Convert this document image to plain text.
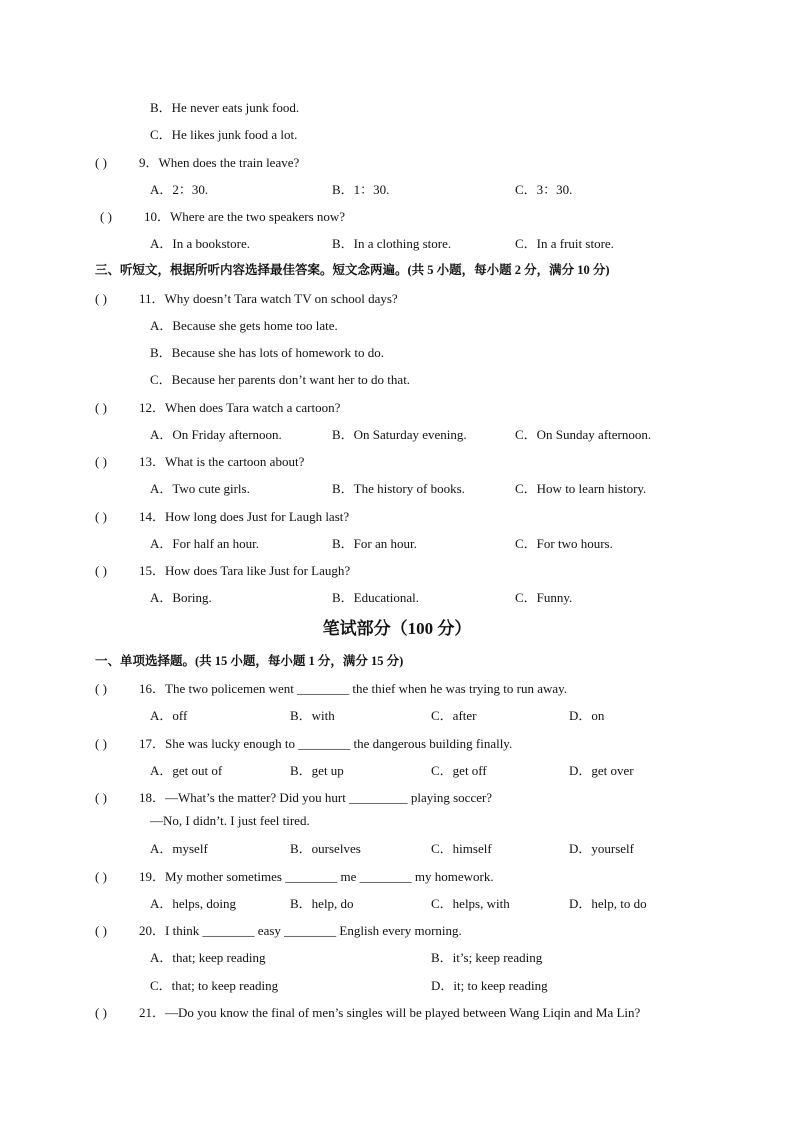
B．He never eats junk food.
C．He likes junk food a lot.
( ) 9．When does the train leave?
A．2：30.	B．1：30.	C．3：30.
( ) 10．Where are the two speakers now?
A．In a bookstore.	B．In a clothing store.	C．In a fruit store.
三、听短文，根据所听内容选择最佳答案。短文念两遍。(共 5 小题，每小题 2 分，满分 10 分)
( ) 11．Why doesn’t Tara watch TV on school days?
A．Because she gets home too late.
B．Because she has lots of homework to do.
C．Because her parents don’t want her to do that.
( ) 12．When does Tara watch a cartoon?
A．On Friday afternoon.	B．On Saturday evening.	C．On Sunday afternoon.
( ) 13．What is the cartoon about?
A．Two cute girls.	B．The history of books.	C．How to learn history.
( ) 14．How long does Just for Laugh last?
A．For half an hour.	B．For an hour.	C．For two hours.
( ) 15．How does Tara like Just for Laugh?
A．Boring.	B．Educational.	C．Funny.
笔试部分（100 分）
一、单项选择题。(共 15 小题，每小题 1 分，满分 15 分)
( ) 16．The two policemen went ________ the thief when he was trying to run away.
A．off	B．with	C．after	D．on
( ) 17．She was lucky enough to ________ the dangerous building finally.
A．get out of	B．get up	C．get off	D．get over
( ) 18．—What’s the matter? Did you hurt _________ playing soccer?
—No, I didn’t. I just feel tired.
A．myself	B．ourselves	C．himself	D．yourself
( ) 19．My mother sometimes ________ me ________ my homework.
A．helps, doing	B．help, do	C．helps, with	D．help, to do
( ) 20．I think ________ easy ________ English every morning.
A．that; keep reading	B．it’s; keep reading
C．that; to keep reading	D．it; to keep reading
( ) 21．—Do you know the final of men’s singles will be played between Wang Liqin and Ma Lin?
